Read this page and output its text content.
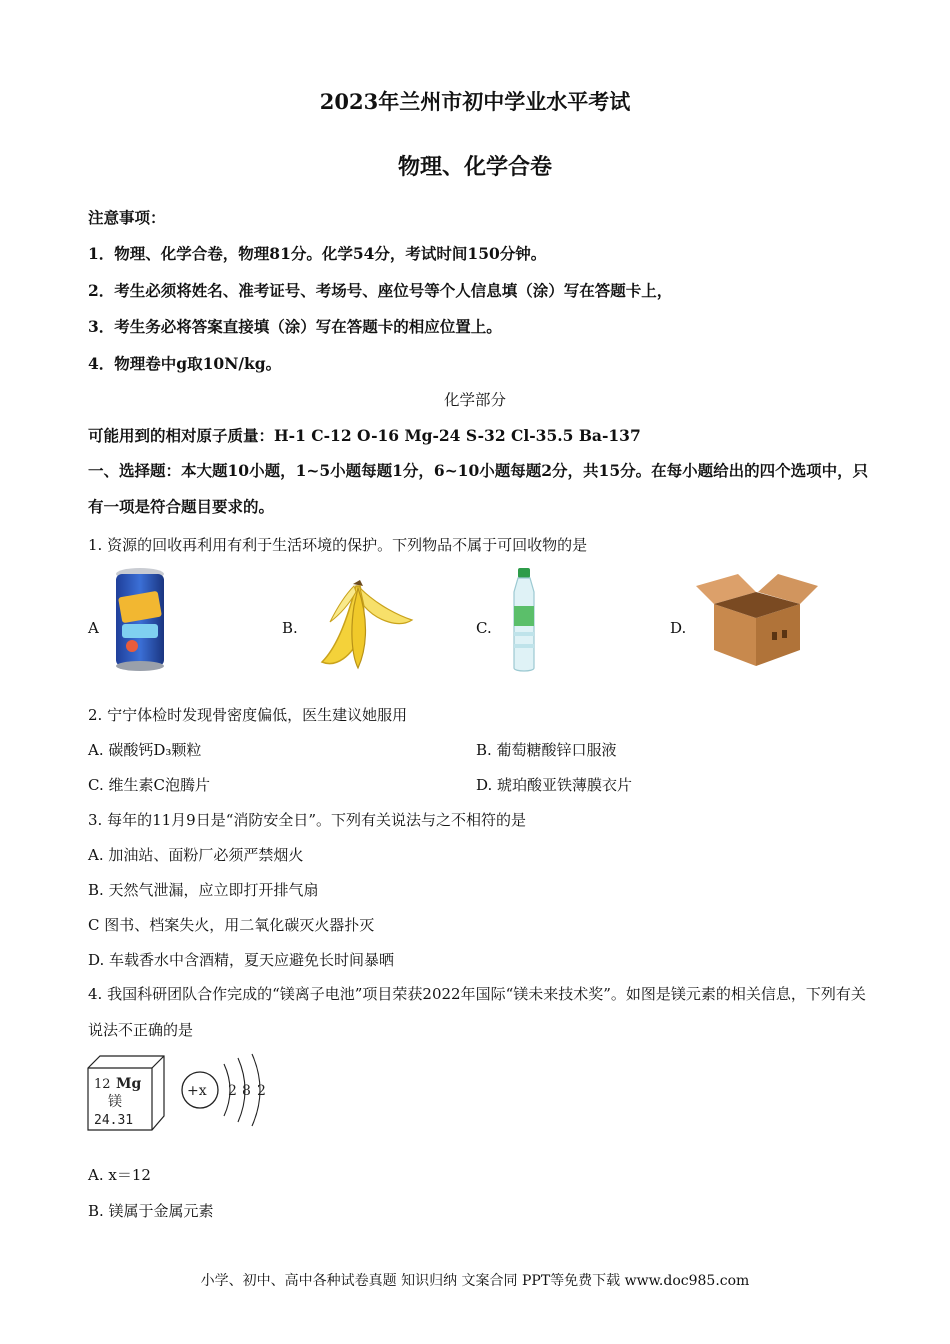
2023年兰州市初中学业水平考试
物理、化学合卷
注意事项：
1．物理、化学合卷，物理81分。化学54分，考试时间150分钟。
2．考生必须将姓名、准考证号、考场号、座位号等个人信息填（涂）写在答题卡上，
3．考生务必将答案直接填（涂）写在答题卡的相应位置上。
4．物理卷中g取10N/kg。
化学部分
可能用到的相对原子质量：H-1 C-12 O-16 Mg-24 S-32 Cl-35.5 Ba-137
一、选择题：本大题10小题，1~5小题每题1分，6~10小题每题2分，共15分。在每小题给出的四个选项中，只有一项是符合题目要求的。
1. 资源的回收再利用有利于生活环境的保护。下列物品不属于可回收物的是
A	B.	C.	D.
2. 宁宁体检时发现骨密度偏低，医生建议她服用
A. 碳酸钙D₃颗粒	B. 葡萄糖酸锌口服液
C. 维生素C泡腾片	D. 琥珀酸亚铁薄膜衣片
3. 每年的11月9日是“消防安全日”。下列有关说法与之不相符的是
A. 加油站、面粉厂必须严禁烟火
B. 天然气泄漏，应立即打开排气扇
C 图书、档案失火，用二氧化碳灭火器扑灭
D. 车载香水中含酒精，夏天应避免长时间暴晒
4. 我国科研团队合作完成的“镁离子电池”项目荣获2022年国际“镁未来技术奖”。如图是镁元素的相关信息，下列有关说法不正确的是
12 Mg
镁
24.31
+x 2 8 2
A. x＝12
B. 镁属于金属元素
小学、初中、高中各种试卷真题 知识归纳 文案合同 PPT等免费下载 www.doc985.com
